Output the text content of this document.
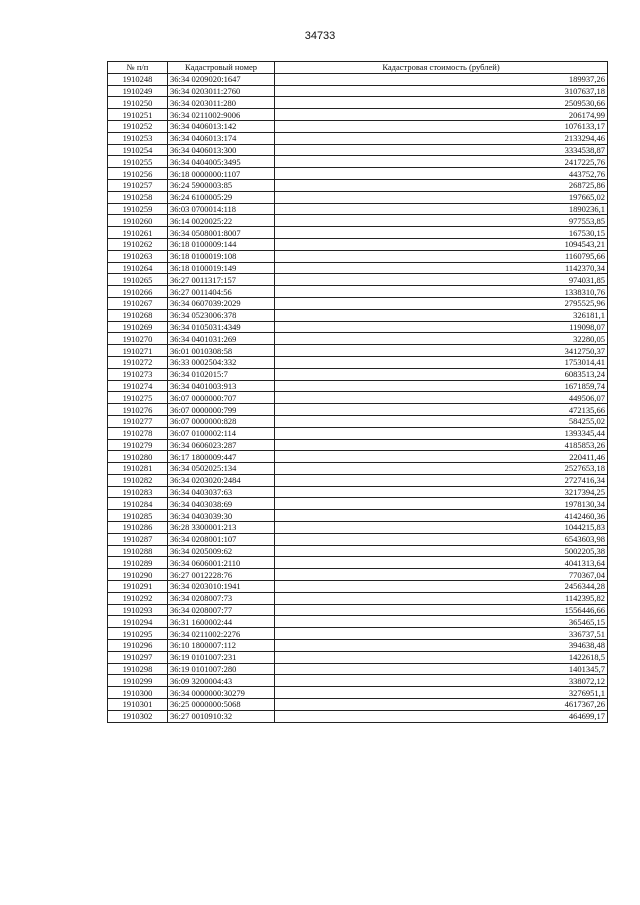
34733
№ п/п	Кадастровый номер	Кадастровая стоимость (рублей)
1910248	36:34 0209020:1647	189937,26
1910249	36:34 0203011:2760	3107637,18
1910250	36:34 0203011:280	2509530,66
1910251	36:34 0211002:9006	206174,99
1910252	36:34 0406013:142	1076133,17
1910253	36:34 0406013:174	2133294,46
1910254	36:34 0406013:300	3334538,87
1910255	36:34 0404005:3495	2417225,76
1910256	36:18 0000000:1107	443752,76
1910257	36:24 5900003:85	268725,86
1910258	36:24 6100005:29	197665,02
1910259	36:03 0700014:118	1890236,1
1910260	36:14 0020025:22	977553,85
1910261	36:34 0508001:8007	167530,15
1910262	36:18 0100009:144	1094543,21
1910263	36:18 0100019:108	1160795,66
1910264	36:18 0100019:149	1142370,34
1910265	36:27 0011317:157	974031,85
1910266	36:27 0011404:56	1338310,76
1910267	36:34 0607039:2029	2795525,96
1910268	36:34 0523006:378	326181,1
1910269	36:34 0105031:4349	119098,07
1910270	36:34 0401031:269	32280,05
1910271	36:01 0010308:58	3412750,37
1910272	36:33 0002504:332	1753014,41
1910273	36:34 0102015:7	6083513,24
1910274	36:34 0401003:913	1671859,74
1910275	36:07 0000000:707	449506,07
1910276	36:07 0000000:799	472135,66
1910277	36:07 0000000:828	584255,02
1910278	36:07 0100002:114	1393345,44
1910279	36:34 0606023:287	4185853,26
1910280	36:17 1800009:447	220411,46
1910281	36:34 0502025:134	2527653,18
1910282	36:34 0203020:2484	2727416,34
1910283	36:34 0403037:63	3217394,25
1910284	36:34 0403038:69	1978130,34
1910285	36:34 0403039:30	4142460,36
1910286	36:28 3300001:213	1044215,83
1910287	36:34 0208001:107	6543603,98
1910288	36:34 0205009:62	5002205,38
1910289	36:34 0606001:2110	4041313,64
1910290	36:27 0012228:76	770367,04
1910291	36:34 0203010:1941	2456344,28
1910292	36:34 0208007:73	1142395,82
1910293	36:34 0208007:77	1556446,66
1910294	36:31 1600002:44	365465,15
1910295	36:34 0211002:2276	336737,51
1910296	36:10 1800007:112	394638,48
1910297	36:19 0101007:231	1422618,5
1910298	36:19 0101007:280	1401345,7
1910299	36:09 3200004:43	338072,12
1910300	36:34 0000000:30279	3276951,1
1910301	36:25 0000000:5068	4617367,26
1910302	36:27 0010910:32	464699,17
